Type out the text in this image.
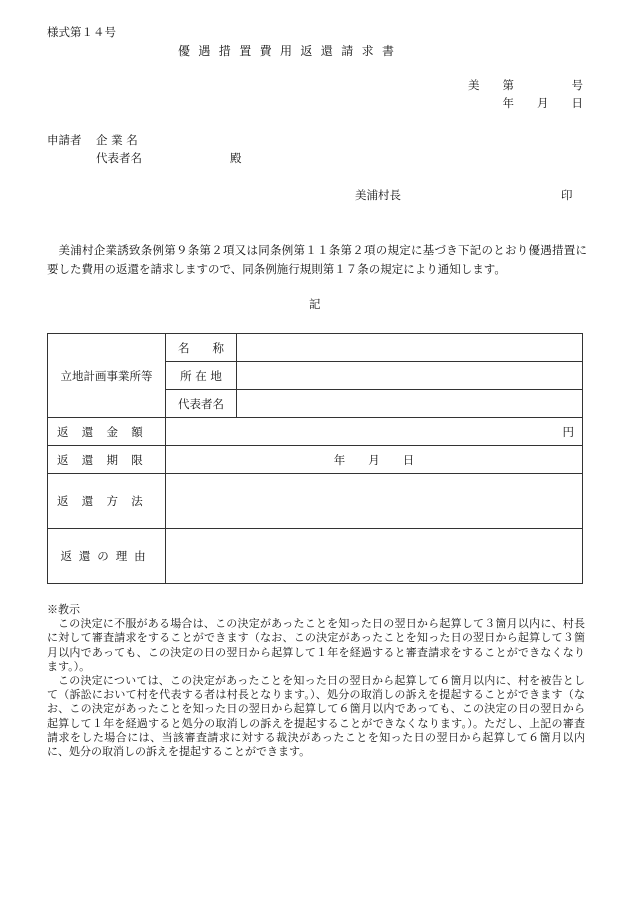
様式第１４号
優遇措置費用返還請求書
美　　第　　　　　号
年　　月　　日
申請者 企 業 名
代表者名	殿
美浦村長	印
美浦村企業誘致条例第９条第２項又は同条例第１１条第２項の規定に基づき下記のとおり優遇措置に要した費用の返還を請求しますので、同条例施行規則第１７条の規定により通知します。
記
立地計画事業所等	名　　称	
	所 在 地	
	代表者名	
返還金額	円	
返還期限	年　　月　　日	
返還方法		
返還の理由		
※教示

この決定に不服がある場合は、この決定があったことを知った日の翌日から起算して３箇月以内に、村長に対して審査請求をすることができます（なお、この決定があったことを知った日の翌日から起算して３箇月以内であっても、この決定の日の翌日から起算して１年を経過すると審査請求をすることができなくなります。）。

この決定については、この決定があったことを知った日の翌日から起算して６箇月以内に、村を被告として（訴訟において村を代表する者は村長となります。）、処分の取消しの訴えを提起することができます（なお、この決定があったことを知った日の翌日から起算して６箇月以内であっても、この決定の日の翌日から起算して１年を経過すると処分の取消しの訴えを提起することができなくなります。）。ただし、上記の審査請求をした場合には、当該審査請求に対する裁決があったことを知った日の翌日から起算して６箇月以内に、処分の取消しの訴えを提起することができます。
